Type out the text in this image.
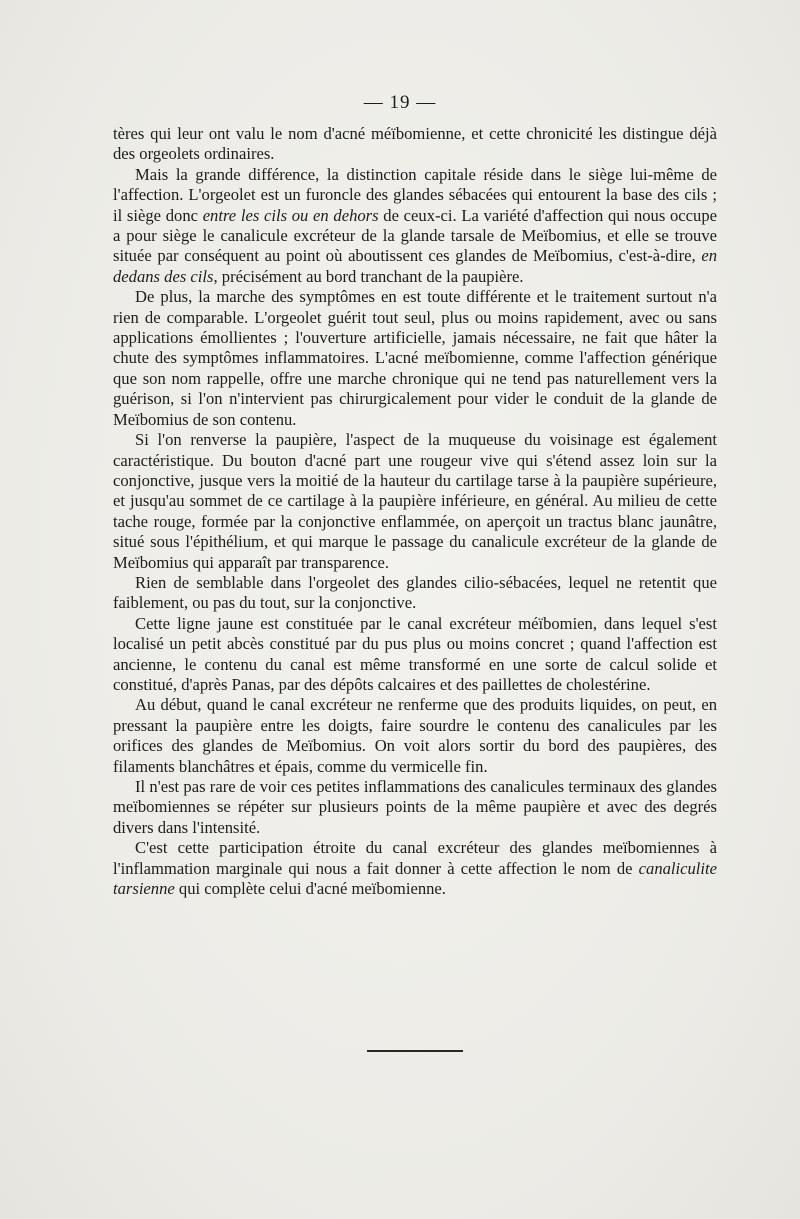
— 19 —

tères qui leur ont valu le nom d'acné méïbomienne, et cette chronicité les distingue déjà des orgeolets ordinaires.

Mais la grande différence, la distinction capitale réside dans le siège lui-même de l'affection. L'orgeolet est un furoncle des glandes sébacées qui entourent la base des cils ; il siège donc entre les cils ou en dehors de ceux-ci. La variété d'affection qui nous occupe a pour siège le canalicule excréteur de la glande tarsale de Meïbomius, et elle se trouve située par conséquent au point où aboutissent ces glandes de Meïbomius, c'est-à-dire, en dedans des cils, précisément au bord tranchant de la paupière.

De plus, la marche des symptômes en est toute différente et le traitement surtout n'a rien de comparable. L'orgeolet guérit tout seul, plus ou moins rapidement, avec ou sans applications émollientes ; l'ouverture artificielle, jamais nécessaire, ne fait que hâter la chute des symptômes inflammatoires. L'acné meïbomienne, comme l'affection générique que son nom rappelle, offre une marche chronique qui ne tend pas naturellement vers la guérison, si l'on n'intervient pas chirurgicalement pour vider le conduit de la glande de Meïbomius de son contenu.

Si l'on renverse la paupière, l'aspect de la muqueuse du voisinage est également caractéristique. Du bouton d'acné part une rougeur vive qui s'étend assez loin sur la conjonctive, jusque vers la moitié de la hauteur du cartilage tarse à la paupière supérieure, et jusqu'au sommet de ce cartilage à la paupière inférieure, en général. Au milieu de cette tache rouge, formée par la conjonctive enflammée, on aperçoit un tractus blanc jaunâtre, situé sous l'épithélium, et qui marque le passage du canalicule excréteur de la glande de Meïbomius qui apparaît par transparence.

Rien de semblable dans l'orgeolet des glandes cilio-sébacées, lequel ne retentit que faiblement, ou pas du tout, sur la conjonctive.

Cette ligne jaune est constituée par le canal excréteur méïbomien, dans lequel s'est localisé un petit abcès constitué par du pus plus ou moins concret ; quand l'affection est ancienne, le contenu du canal est même transformé en une sorte de calcul solide et constitué, d'après Panas, par des dépôts calcaires et des paillettes de cholestérine.

Au début, quand le canal excréteur ne renferme que des produits liquides, on peut, en pressant la paupière entre les doigts, faire sourdre le contenu des canalicules par les orifices des glandes de Meïbomius. On voit alors sortir du bord des paupières, des filaments blanchâtres et épais, comme du vermicelle fin.

Il n'est pas rare de voir ces petites inflammations des canalicules terminaux des glandes meïbomiennes se répéter sur plusieurs points de la même paupière et avec des degrés divers dans l'intensité.

C'est cette participation étroite du canal excréteur des glandes meïbomiennes à l'inflammation marginale qui nous a fait donner à cette affection le nom de canaliculite tarsienne qui complète celui d'acné meïbomienne.
